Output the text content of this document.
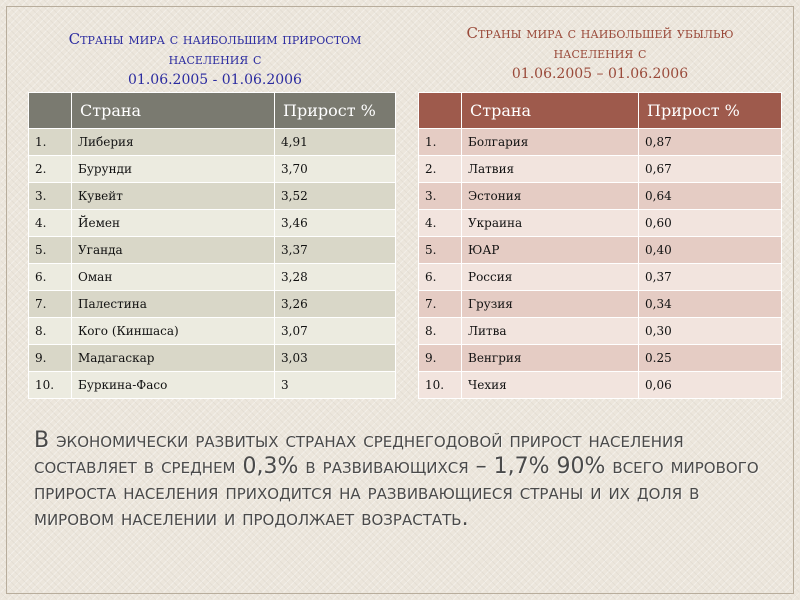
Страны мира с наибольшим приростом населения с
01.06.2005 - 01.06.2006
Страны мира с наибольшей убылью населения с
01.06.2005 – 01.06.2006
	Страна	Прирост %
1.	Либерия	4,91
2.	Бурунди	3,70
3.	Кувейт	3,52
4.	Йемен	3,46
5.	Уганда	3,37
6.	Оман	3,28
7.	Палестина	3,26
8.	Кого (Киншаса)	3,07
9.	Мадагаскар	3,03
10.	Буркина-Фасо	3
	Страна	Прирост %
1.	Болгария	0,87
2.	Латвия	0,67
3.	Эстония	0,64
4.	Украина	0,60
5.	ЮАР	0,40
6.	Россия	0,37
7.	Грузия	0,34
8.	Литва	0,30
9.	Венгрия	0.25
10.	Чехия	0,06
В экономически развитых странах среднегодовой прирост населения составляет в среднем 0,3% в развивающихся – 1,7% 90% всего мирового прироста населения приходится на развивающиеся страны и их доля в мировом населении и продолжает возрастать.
